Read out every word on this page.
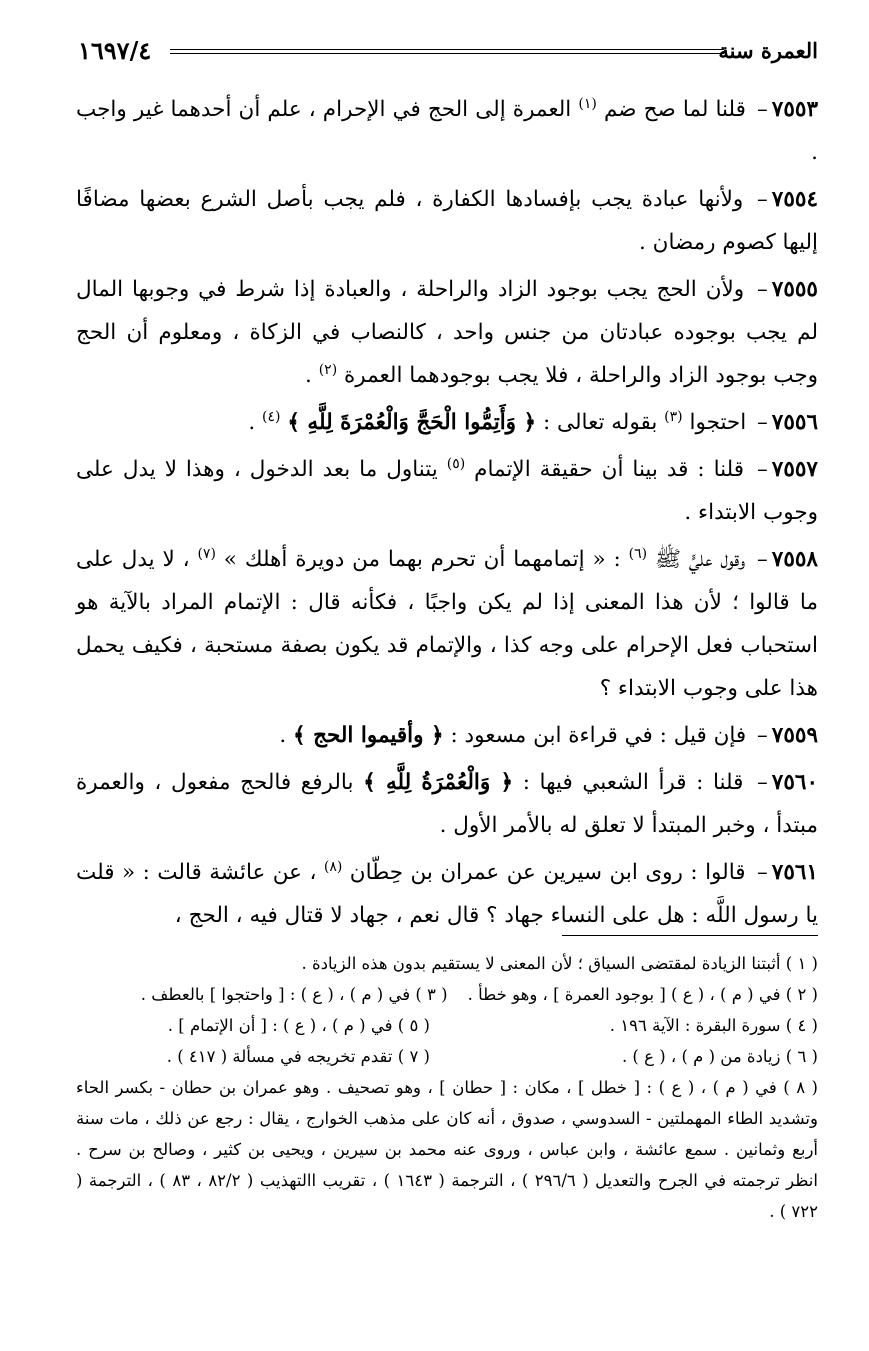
العمرة سنة
١٦٩٧/٤

٧٥٥٣– قلنا لما صح ضم $^{(١)}$ العمرة إلى الحج في الإحرام ، علم أن أحدهما غير واجب .

٧٥٥٤– ولأنها عبادة يجب بإفسادها الكفارة ، فلم يجب بأصل الشرع بعضها مضافًا إليها كصوم رمضان .

٧٥٥٥– ولأن الحج يجب بوجود الزاد والراحلة ، والعبادة إذا شرط في وجوبها المال لم يجب بوجوده عبادتان من جنس واحد ، كالنصاب في الزكاة ، ومعلوم أن الحج وجب بوجود الزاد والراحلة ، فلا يجب بوجودهما العمرة $^{(٢)}$ .

٧٥٥٦– احتجوا $^{(٣)}$ بقوله تعالى : ﴿ وَأَتِمُّوا الْحَجَّ وَالْعُمْرَةَ لِلَّهِ ﴾ $^{(٤)}$ .

٧٥٥٧– قلنا : قد بينا أن حقيقة الإتمام $^{(٥)}$ يتناول ما بعد الدخول ، وهذا لا يدل على وجوب الابتداء .

٧٥٥٨– وقول عليٍّ ﷺ $^{(٦)}$ : « إتمامهما أن تحرم بهما من دويرة أهلك » $^{(٧)}$ ، لا يدل على ما قالوا ؛ لأن هذا المعنى إذا لم يكن واجبًا ، فكأنه قال : الإتمام المراد بالآية هو استحباب فعل الإحرام على وجه كذا ، والإتمام قد يكون بصفة مستحبة ، فكيف يحمل هذا على وجوب الابتداء ؟

٧٥٥٩– فإن قيل : في قراءة ابن مسعود : ﴿ وأقيموا الحج ﴾ .

٧٥٦٠– قلنا : قرأ الشعبي فيها : ﴿ وَالْعُمْرَةُ لِلَّهِ ﴾ بالرفع فالحج مفعول ، والعمرة مبتدأ ، وخبر المبتدأ لا تعلق له بالأمر الأول .

٧٥٦١– قالوا : روى ابن سيرين عن عمران بن حِطّان $^{(٨)}$ ، عن عائشة قالت : « قلت يا رسول اللَّه : هل على النساء جهاد ؟ قال نعم ، جهاد لا قتال فيه ، الحج ،

( ١ ) أثبتنا الزيادة لمقتضى السياق ؛ لأن المعنى لا يستقيم بدون هذه الزيادة .
( ٢ ) في ( م ) ، ( ع ) [ بوجود العمرة ] ، وهو خطأ .
( ٣ ) في ( م ) ، ( ع ) : [ واحتجوا ] بالعطف .
( ٤ ) سورة البقرة : الآية ١٩٦ .
( ٥ ) في ( م ) ، ( ع ) : [ أن الإتمام ] .
( ٦ ) زيادة من ( م ) ، ( ع ) .
( ٧ ) تقدم تخريجه في مسألة ( ٤١٧ ) .
( ٨ ) في ( م ) ، ( ع ) : [ خطل ] ، مكان : [ حطان ] ، وهو تصحيف . وهو عمران بن حطان - بكسر الحاء وتشديد الطاء المهملتين - السدوسي ، صدوق ، أنه كان على مذهب الخوارج ، يقال : رجع عن ذلك ، مات سنة أربع وثمانين . سمع عائشة ، وابن عباس ، وروى عنه محمد بن سيرين ، ويحيى بن كثير ، وصالح بن سرح . انظر ترجمته في الجرح والتعديل ( ٢٩٦/٦ ) ، الترجمة ( ١٦٤٣ ) ، تقريب االتهذيب ( ٨٢/٢ ، ٨٣ ) ، الترجمة ( ٧٢٢ ) .
